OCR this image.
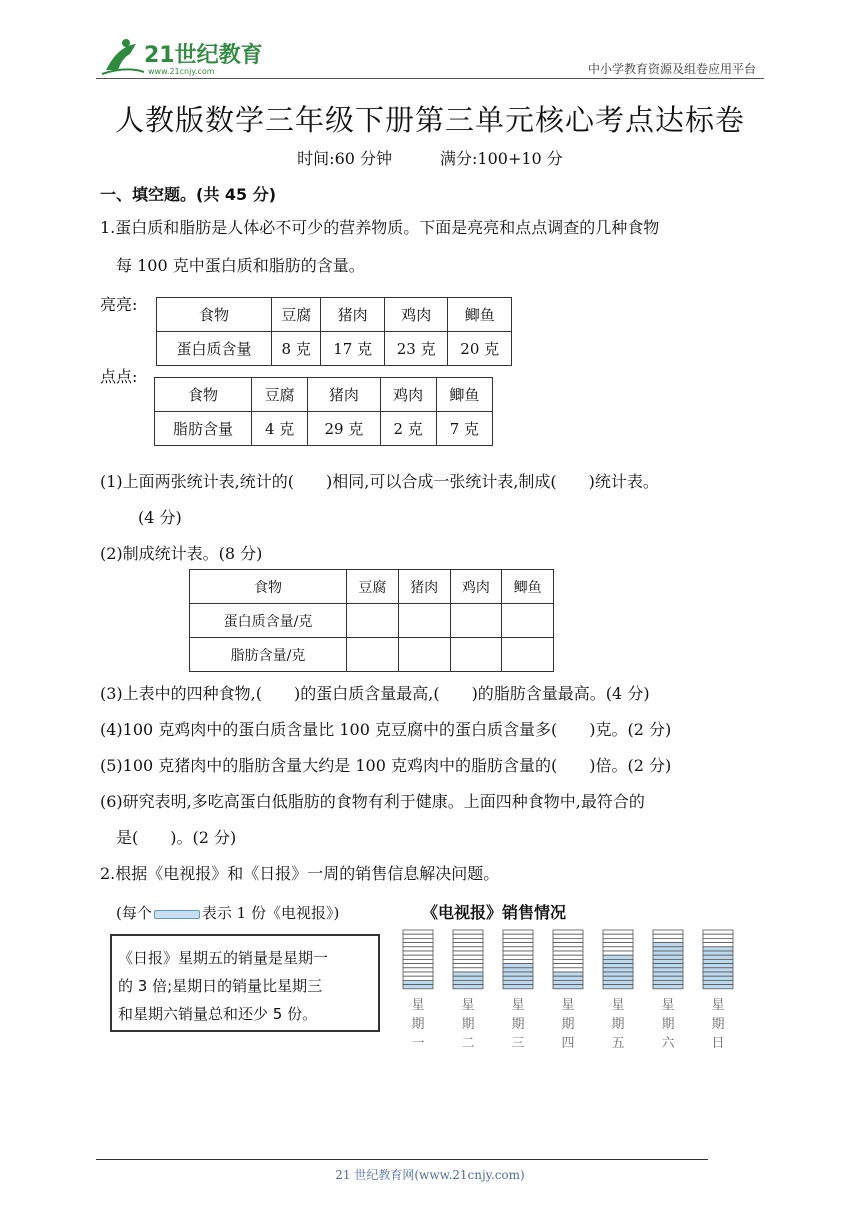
21世纪教育
www.21cnjy.com	中小学教育资源及组卷应用平台
人教版数学三年级下册第三单元核心考点达标卷
时间:60 分钟	满分:100+10 分
一、填空题。(共 45 分)
1.蛋白质和脂肪是人体必不可少的营养物质。下面是亮亮和点点调查的几种食物
每 100 克中蛋白质和脂肪的含量。
亮亮:
食物	豆腐	猪肉	鸡肉	鲫鱼
蛋白质含量	8 克	17 克	23 克	20 克
点点:
食物	豆腐	猪肉	鸡肉	鲫鱼
脂肪含量	4 克	29 克	2 克	7 克
(1)上面两张统计表,统计的(　　)相同,可以合成一张统计表,制成(　　)统计表。
(4 分)
(2)制成统计表。(8 分)
食物	豆腐	猪肉	鸡肉	鲫鱼
蛋白质含量/克				
脂肪含量/克				
(3)上表中的四种食物,(　　)的蛋白质含量最高,(　　)的脂肪含量最高。(4 分)
(4)100 克鸡肉中的蛋白质含量比 100 克豆腐中的蛋白质含量多(　　)克。(2 分)
(5)100 克猪肉中的脂肪含量大约是 100 克鸡肉中的脂肪含量的(　　)倍。(2 分)
(6)研究表明,多吃高蛋白低脂肪的食物有利于健康。上面四种食物中,最符合的
是(　　)。(2 分)
2.根据《电视报》和《日报》一周的销售信息解决问题。
(每个	表示 1 份《电视报》)	《电视报》销售情况
《日报》星期五的销量是星期一
的 3 倍;星期日的销量比星期三
和星期六销量总和还少 5 份。	星
期
一
星
期
二
星
期
三
星
期
四
星
期
五
星
期
六
星
期
日
21 世纪教育网(www.21cnjy.com)
